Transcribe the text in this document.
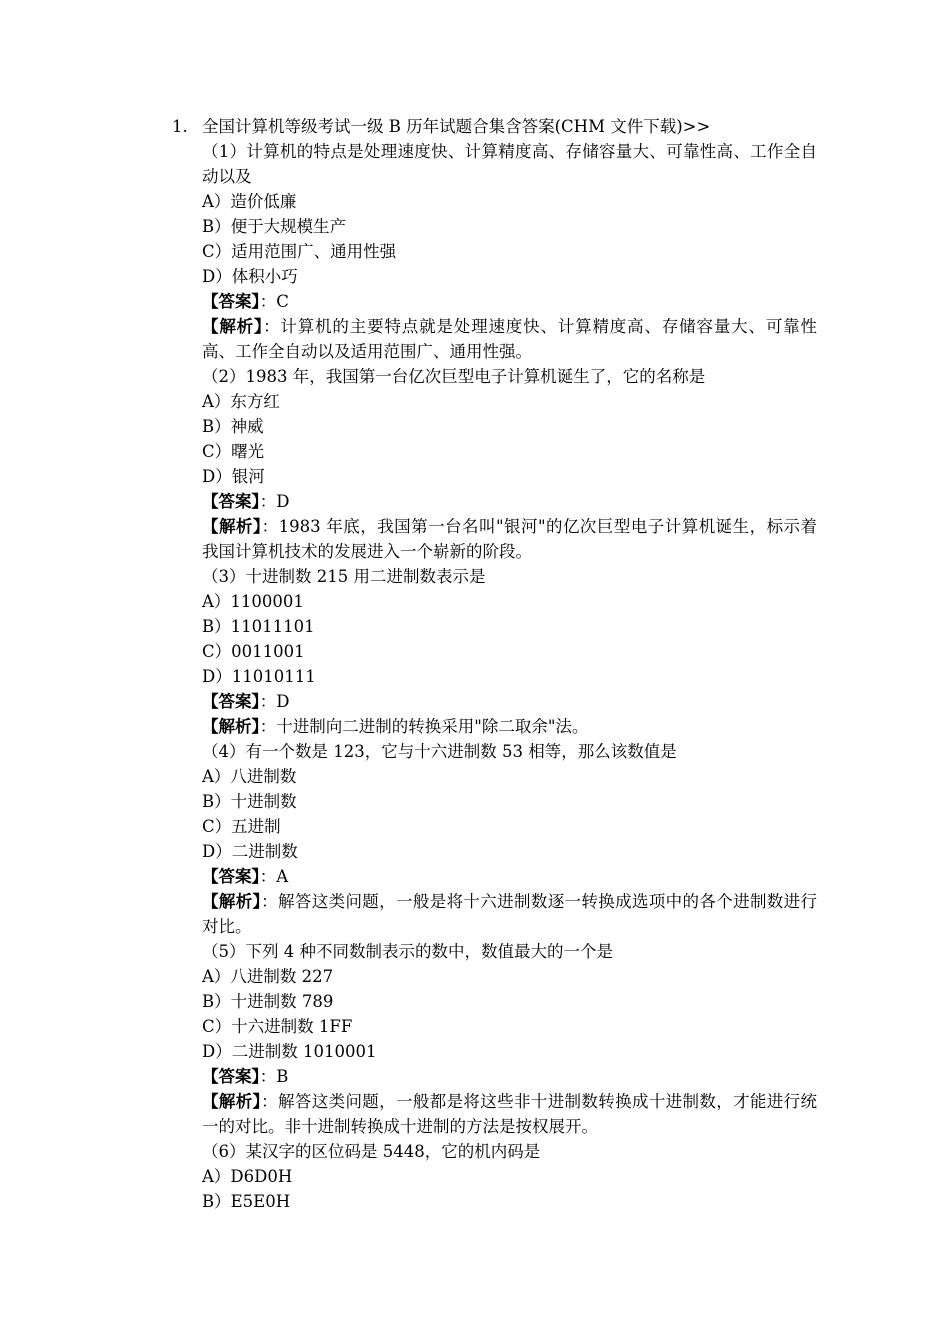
1. 全国计算机等级考试一级 B 历年试题合集含答案(CHM 文件下载)>>
（1）计算机的特点是处理速度快、计算精度高、存储容量大、可靠性高、工作全自动以及
A）造价低廉
B）便于大规模生产
C）适用范围广、通用性强
D）体积小巧
【答案】：C
【解析】：计算机的主要特点就是处理速度快、计算精度高、存储容量大、可靠性高、工作全自动以及适用范围广、通用性强。
（2）1983 年，我国第一台亿次巨型电子计算机诞生了，它的名称是
A）东方红
B）神威
C）曙光
D）银河
【答案】：D
【解析】：1983 年底，我国第一台名叫"银河"的亿次巨型电子计算机诞生，标示着我国计算机技术的发展进入一个崭新的阶段。
（3）十进制数 215 用二进制数表示是
A）1100001
B）11011101
C）0011001
D）11010111
【答案】：D
【解析】：十进制向二进制的转换采用"除二取余"法。
（4）有一个数是 123，它与十六进制数 53 相等，那么该数值是
A）八进制数
B）十进制数
C）五进制
D）二进制数
【答案】：A
【解析】：解答这类问题，一般是将十六进制数逐一转换成选项中的各个进制数进行对比。
（5）下列 4 种不同数制表示的数中，数值最大的一个是
A）八进制数 227
B）十进制数 789
C）十六进制数 1FF
D）二进制数 1010001
【答案】：B
【解析】：解答这类问题，一般都是将这些非十进制数转换成十进制数，才能进行统一的对比。非十进制转换成十进制的方法是按权展开。
（6）某汉字的区位码是 5448，它的机内码是
A）D6D0H
B）E5E0H
